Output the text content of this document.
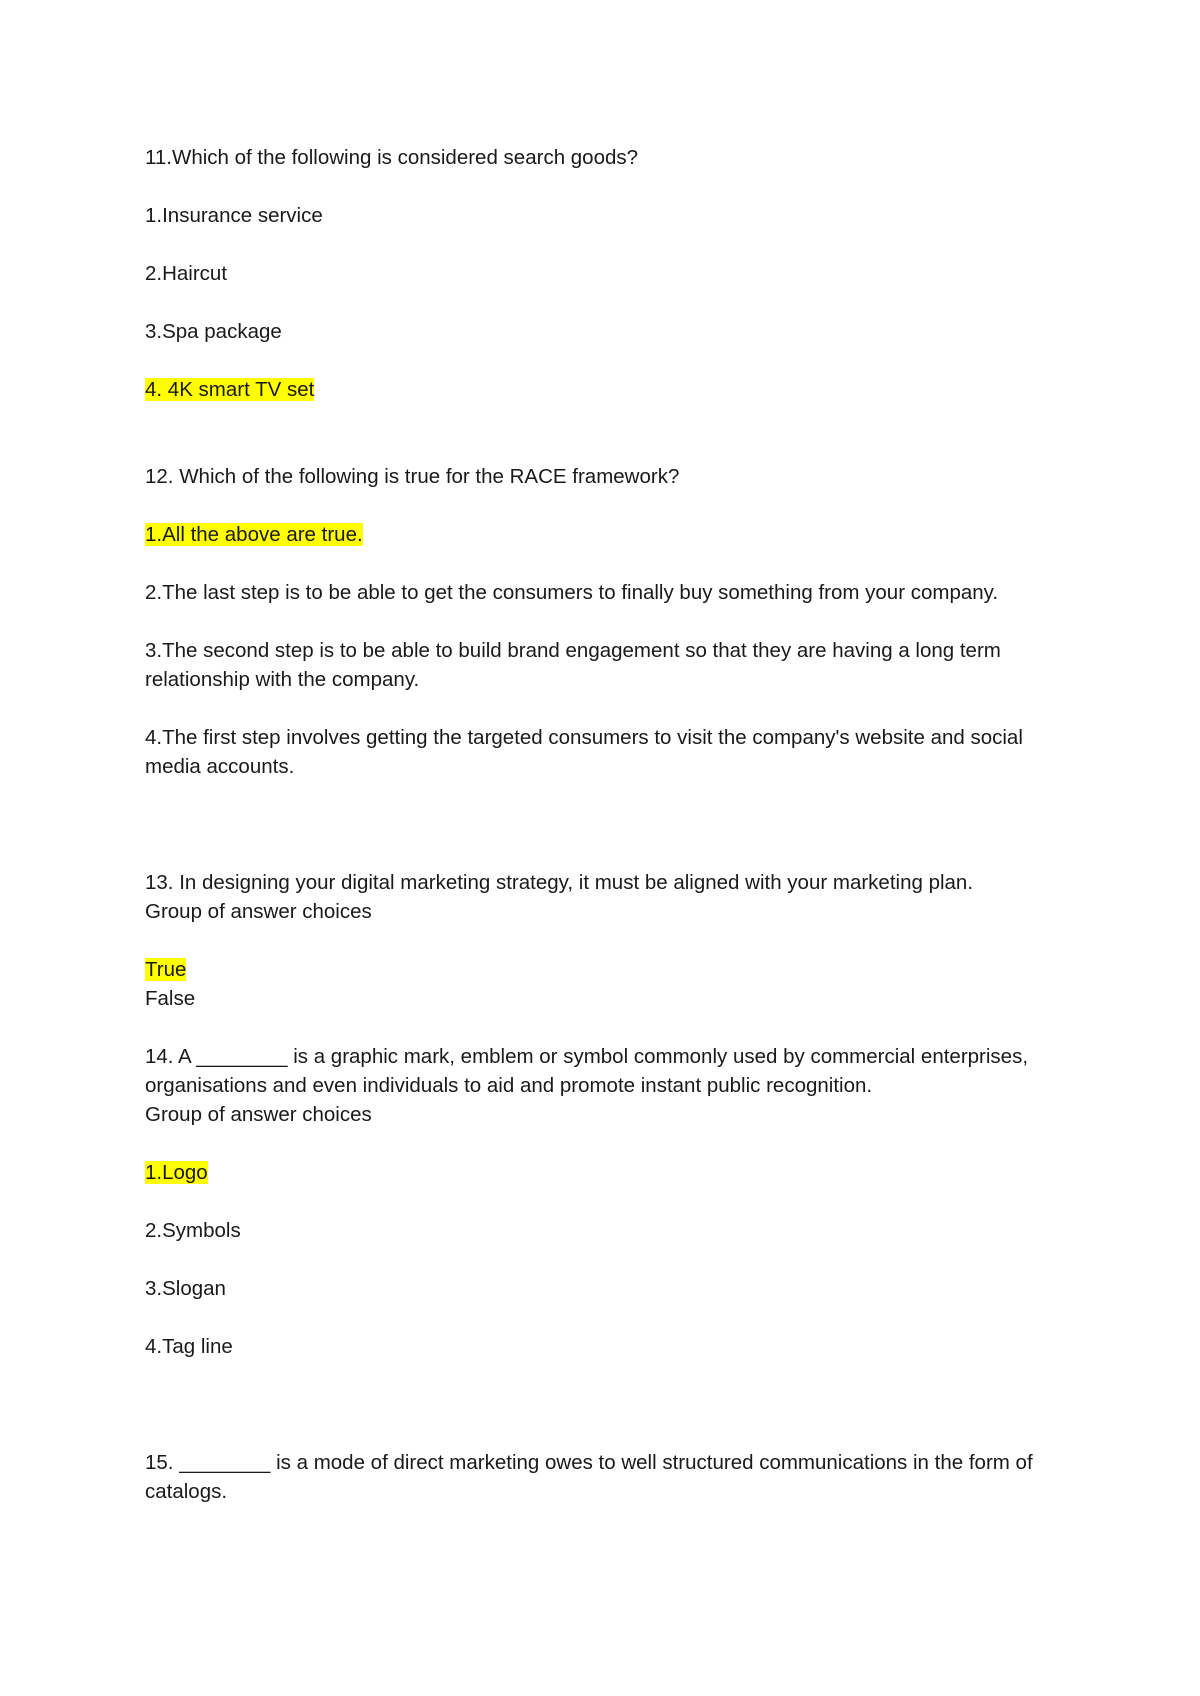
11.Which of the following is considered search goods?

1.Insurance service

2.Haircut

3.Spa package

4. 4K smart TV set

12. Which of the following is true for the RACE framework?

1.All the above are true.

2.The last step is to be able to get the consumers to finally buy something from your company.

3.The second step is to be able to build brand engagement so that they are having a long term relationship with the company.

4.The first step involves getting the targeted consumers to visit the company's website and social media accounts.

13. In designing your digital marketing strategy, it must be aligned with your marketing plan.

Group of answer choices

True

False

14. A ________ is a graphic mark, emblem or symbol commonly used by commercial enterprises, organisations and even individuals to aid and promote instant public recognition.

Group of answer choices

1.Logo

2.Symbols

3.Slogan

4.Tag line

15. ________ is a mode of direct marketing owes to well structured communications in the form of catalogs.
